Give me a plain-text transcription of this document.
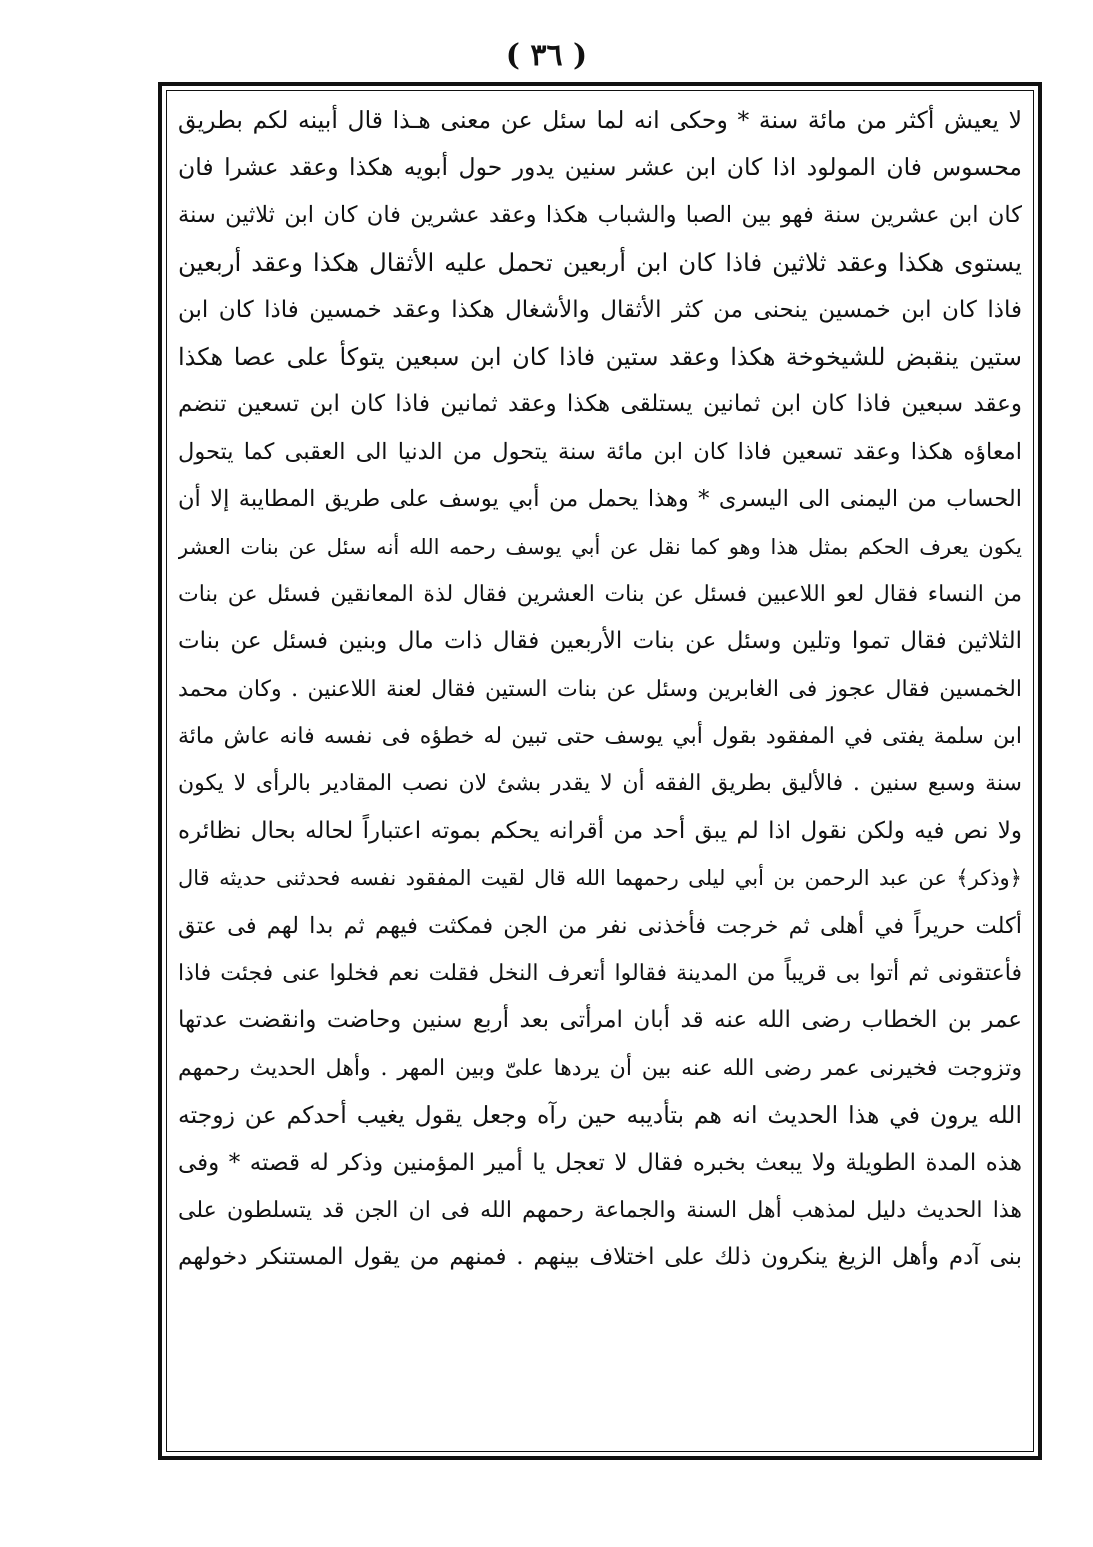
( ٣٦ )
لا يعيش أكثر من مائة سنة * وحكى انه لما سئل عن معنى هـذا قال أبينه لكم بطريق
محسوس فان المولود اذا كان ابن عشر سنين يدور حول أبويه هكذا وعقد عشرا فان
كان ابن عشرين سنة فهو بين الصبا والشباب هكذا وعقد عشرين فان كان ابن ثلاثين سنة
يستوى هكذا وعقد ثلاثين فاذا كان ابن أربعين تحمل عليه الأثقال هكذا وعقد أربعين
فاذا كان ابن خمسين ينحنى من كثر الأثقال والأشغال هكذا وعقد خمسين فاذا كان ابن
ستين ينقبض للشيخوخة هكذا وعقد ستين فاذا كان ابن سبعين يتوكأ على عصا هكذا
وعقد سبعين فاذا كان ابن ثمانين يستلقى هكذا وعقد ثمانين فاذا كان ابن تسعين تنضم
امعاؤه هكذا وعقد تسعين فاذا كان ابن مائة سنة يتحول من الدنيا الى العقبى كما يتحول
الحساب من اليمنى الى اليسرى * وهذا يحمل من أبي يوسف على طريق المطايبة إلا أن
يكون يعرف الحكم بمثل هذا وهو كما نقل عن أبي يوسف رحمه الله أنه سئل عن بنات العشر
من النساء فقال لعو اللاعبين فسئل عن بنات العشرين فقال لذة المعانقين فسئل عن بنات
الثلاثين فقال تموا وتلين وسئل عن بنات الأربعين فقال ذات مال وبنين فسئل عن بنات
الخمسين فقال عجوز فى الغابرين وسئل عن بنات الستين فقال لعنة اللاعنين . وكان محمد
ابن سلمة يفتى في المفقود بقول أبي يوسف حتى تبين له خطؤه فى نفسه فانه عاش مائة
سنة وسبع سنين . فالأليق بطريق الفقه أن لا يقدر بشئ لان نصب المقادير بالرأى لا يكون
ولا نص فيه ولكن نقول اذا لم يبق أحد من أقرانه يحكم بموته اعتباراً لحاله بحال نظائره
﴿وذكر﴾ عن عبد الرحمن بن أبي ليلى رحمهما الله قال لقيت المفقود نفسه فحدثنى حديثه قال
أكلت حريراً في أهلى ثم خرجت فأخذنى نفر من الجن فمكثت فيهم ثم بدا لهم فى عتق
فأعتقونى ثم أتوا بى قريباً من المدينة فقالوا أتعرف النخل فقلت نعم فخلوا عنى فجئت فاذا
عمر بن الخطاب رضى الله عنه قد أبان امرأتى بعد أربع سنين وحاضت وانقضت عدتها
وتزوجت فخيرنى عمر رضى الله عنه بين أن يردها علىّ وبين المهر . وأهل الحديث رحمهم
الله يرون في هذا الحديث انه هم بتأديبه حين رآه وجعل يقول يغيب أحدكم عن زوجته
هذه المدة الطويلة ولا يبعث بخبره فقال لا تعجل يا أمير المؤمنين وذكر له قصته * وفى
هذا الحديث دليل لمذهب أهل السنة والجماعة رحمهم الله فى ان الجن قد يتسلطون على
بنى آدم وأهل الزيغ ينكرون ذلك على اختلاف بينهم . فمنهم من يقول المستنكر دخولهم
